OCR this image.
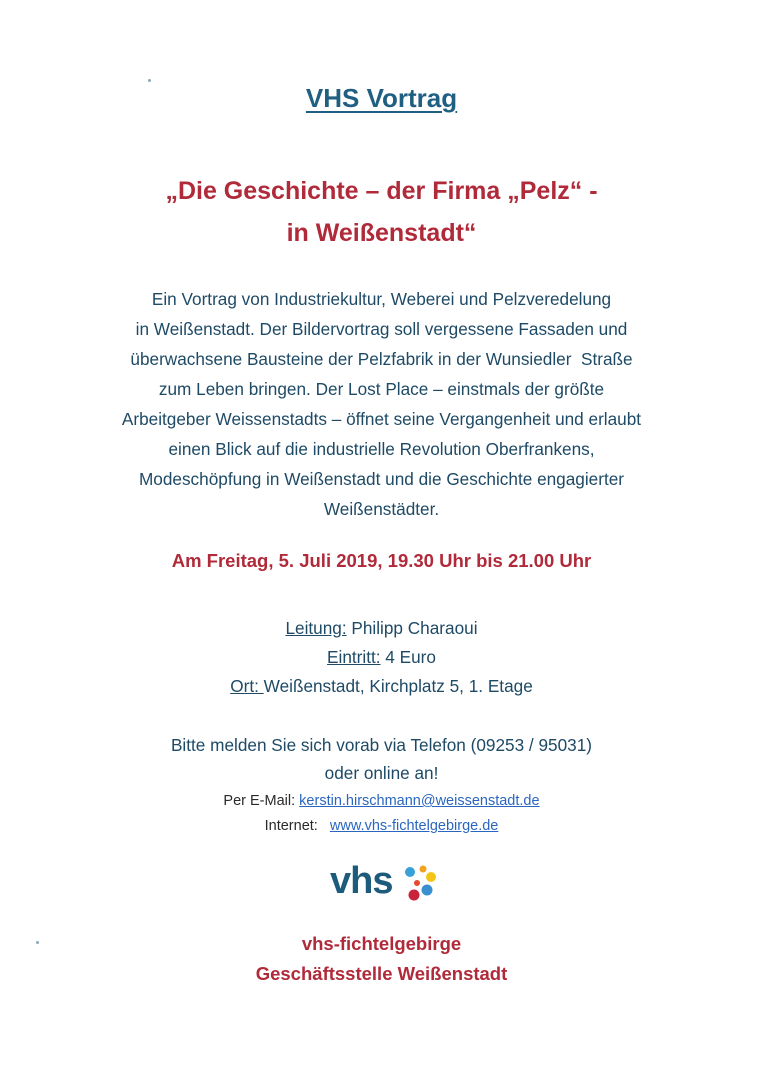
VHS Vortrag
„Die Geschichte – der Firma „Pelz“ -
in Weißenstadt“
Ein Vortrag von Industriekultur, Weberei und Pelzveredelung
in Weißenstadt. Der Bildervortrag soll vergessene Fassaden und
überwachsene Bausteine der Pelzfabrik in der Wunsiedler  Straße
zum Leben bringen. Der Lost Place – einstmals der größte
Arbeitgeber Weissenstadts – öffnet seine Vergangenheit und erlaubt
einen Blick auf die industrielle Revolution Oberfrankens,
Modeschöpfung in Weißenstadt und die Geschichte engagierter
Weißenstädter.
Am Freitag, 5. Juli 2019, 19.30 Uhr bis 21.00 Uhr
Leitung: Philipp Charaoui
Eintritt: 4 Euro
Ort: Weißenstadt, Kirchplatz 5, 1. Etage
Bitte melden Sie sich vorab via Telefon (09253 / 95031)
oder online an!
Per E-Mail: kerstin.hirschmann@weissenstadt.de
Internet:   www.vhs-fichtelgebirge.de
vhs
vhs-fichtelgebirge
Geschäftsstelle Weißenstadt
